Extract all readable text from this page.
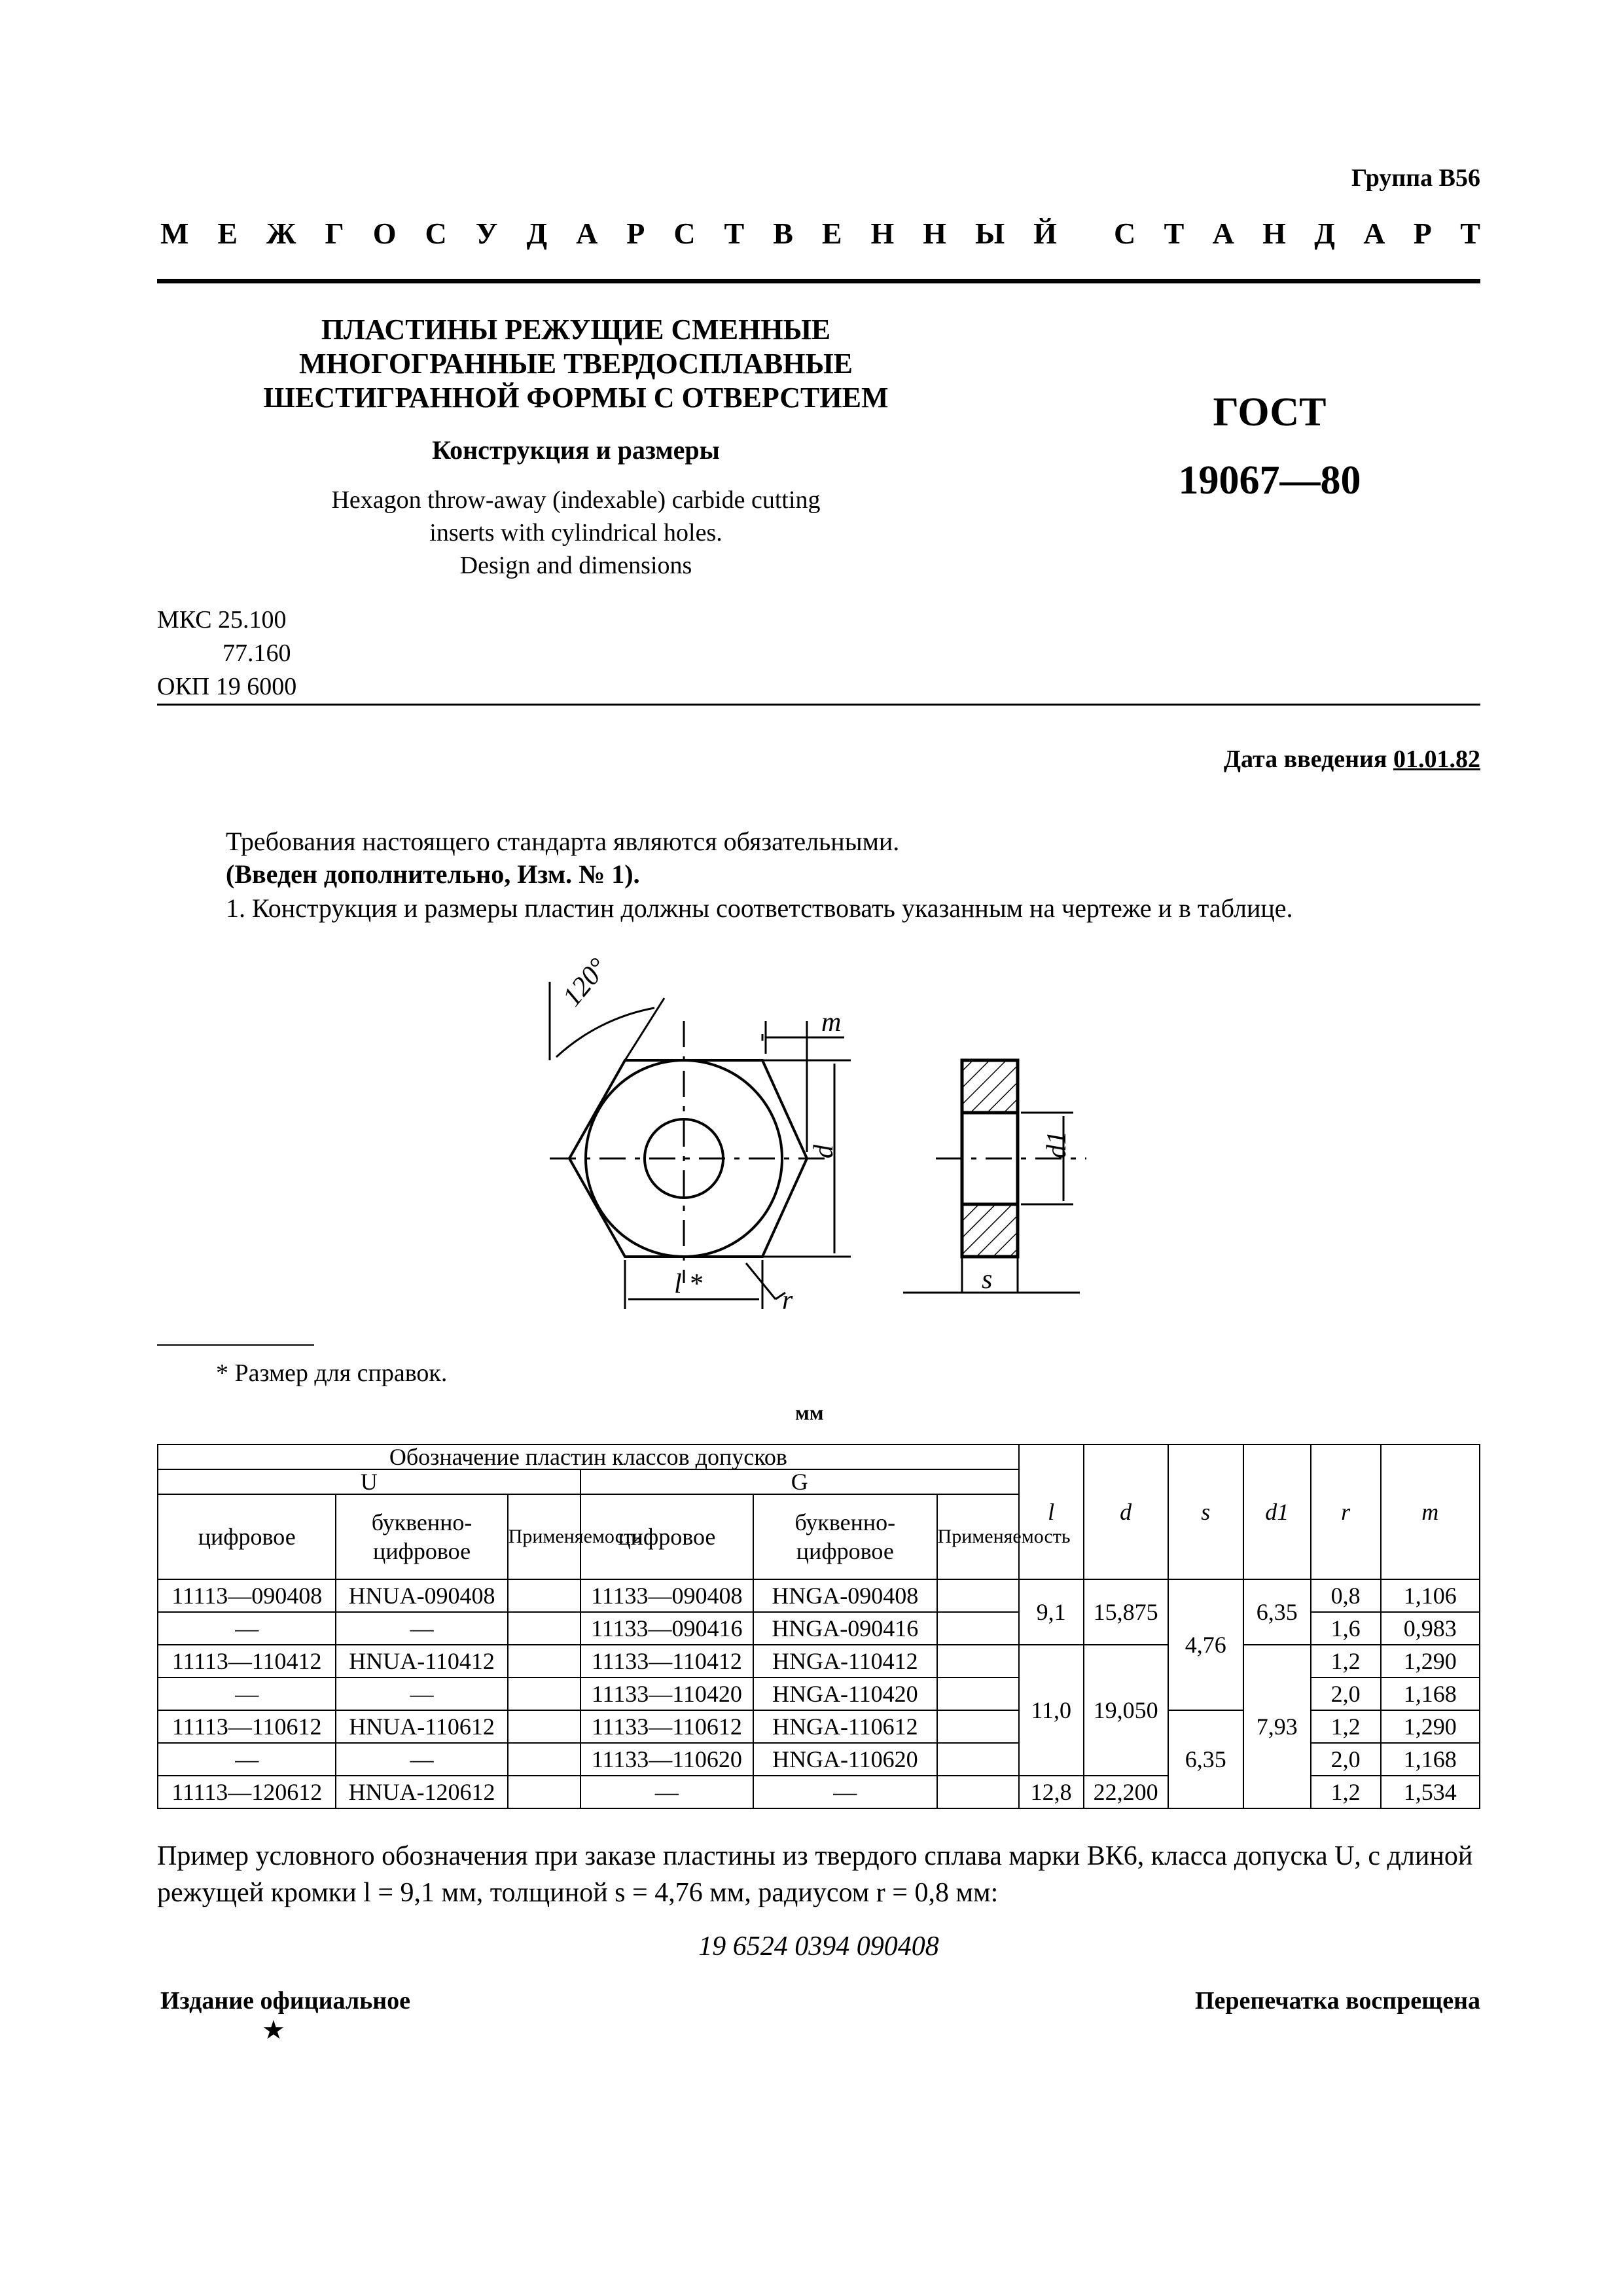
Группа В56
М Е Ж Г О С У Д А Р С Т В Е Н Н Ы Й С Т А Н Д А Р Т
ПЛАСТИНЫ РЕЖУЩИЕ СМЕННЫЕ
МНОГОГРАННЫЕ ТВЕРДОСПЛАВНЫЕ
ШЕСТИГРАННОЙ ФОРМЫ С ОТВЕРСТИЕМ
Конструкция и размеры
Hexagon throw-away (indexable) carbide cutting
inserts with cylindrical holes.
Design and dimensions
ГОСТ
19067—80
МКС 25.100
77.160
ОКП 19 6000
Дата введения 01.01.82
Требования настоящего стандарта являются обязательными.
(Введен дополнительно, Изм. № 1).
1. Конструкция и размеры пластин должны соответствовать указанным на чертеже и в таблице.
120°
m
d
l *
r
d1
s
* Размер для справок.
мм
Обозначение пластин классов допусков						l	d	s	d1	r	m
U			G								
цифровое	буквенно-цифровое	Применяемость	цифровое	буквенно-цифровое	Применяемость						
11113—090408	HNUA-090408		11133—090408	HNGA-090408		9,1	15,875	4,76	6,35	0,8	1,106
—	—		11133—090416	HNGA-090416						1,6	0,983
11113—110412	HNUA-110412		11133—110412	HNGA-110412		11,0	19,050		7,93	1,2	1,290
—	—		11133—110420	HNGA-110420						2,0	1,168
11113—110612	HNUA-110612		11133—110612	HNGA-110612				6,35		1,2	1,290
—	—		11133—110620	HNGA-110620						2,0	1,168
11113—120612	HNUA-120612		—	—		12,8	22,200			1,2	1,534
Пример условного обозначения при заказе пластины из твердого сплава марки ВК6, класса допуска U, с длиной режущей кромки l = 9,1 мм, толщиной s = 4,76 мм, радиусом r = 0,8 мм:
19 6524 0394 090408
Издание официальное
★
Перепечатка воспрещена
